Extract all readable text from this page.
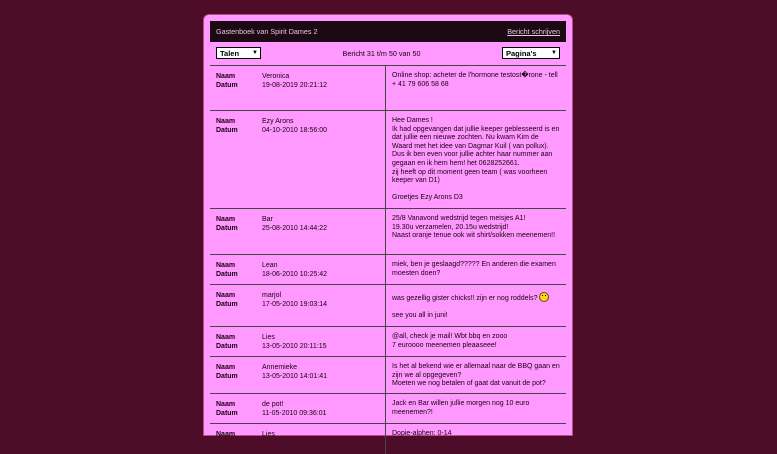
Gastenboek van Spirit Dames 2	Bericht schrijven
Talen ▼	Bericht 31 t/m 50 van 50	Pagina's ▼
Naam	Veronica
Datum	19-08-2019 20:21:12

Online shop: acheter de l'hormone testost�rone - tell + 41 79 606 58 68

Naam	Ezy Arons
Datum	04-10-2010 18:56:00

Hee Dames !
Ik had opgevangen dat jullie keeper geblesseerd is en dat jullie een nieuwe zochten. Nu kwam Kim de Waard met het idee van Dagmar Kuil ( van pollux).
Dus ik ben even voor jullie achter haar nummer aan gegaan en ik hem hem! het 0628252661.
zij heeft op dit moment geen team ( was voorheen keeper van D1)

Groetjes Ezy Arons D3

Naam	Bar
Datum	25-08-2010 14:44:22

25/8 Vanavond wedstrijd tegen meisjes A1!
19.30u verzamelen, 20.15u wedstrijd!
Naast oranje tenue ook wit shirt/sokken meenemen!!

Naam	Lean
Datum	18-06-2010 10:25:42

miek, ben je geslaagd????? En anderen die examen moesten doen?

Naam	marjol
Datum	17-05-2010 19:03:14

was gezellig gister chicks!! zijn er nog roddels?

see you all in juni!

Naam	Lies
Datum	13-05-2010 20:11:15

@all, check je mail! Wbt bbq en zooo
7 euroooo meenemen pleaaseee!

Naam	Annemieke
Datum	13-05-2010 14:01:41

Is het al bekend wie er allemaal naar de BBQ gaan en zijn we al opgegeven?
Moeten we nog betalen of gaat dat vanuit de pot?

Naam	de pot!
Datum	11-05-2010 09:36:01

Jack en Bar willen jullie morgen nog 10 euro meenemen?!

Naam	Lies	Dopie-alphen: 0-14
